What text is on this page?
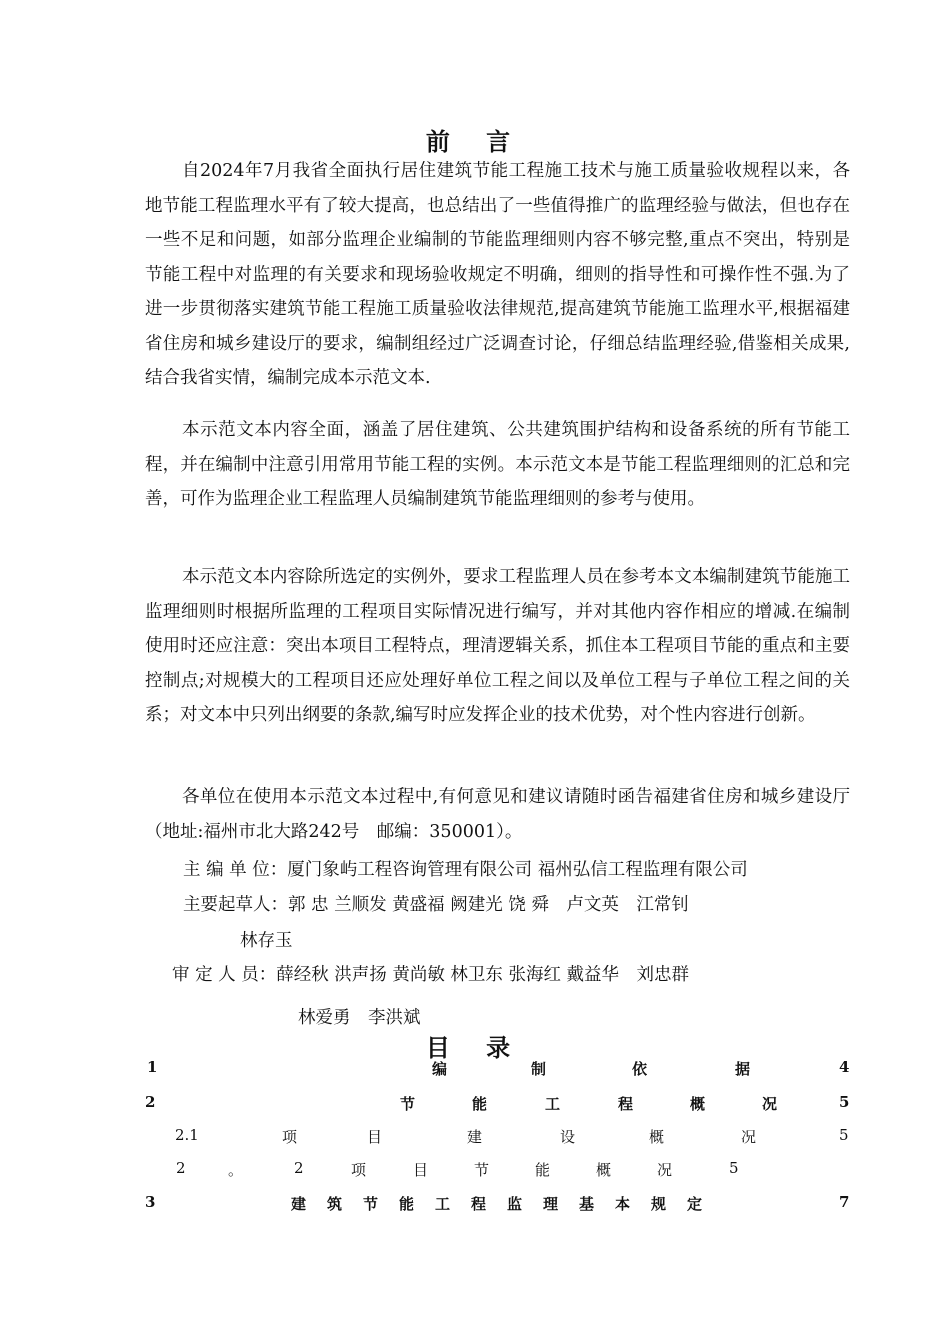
前 言

自2024年7月我省全面执行居住建筑节能工程施工技术与施工质量验收规程以来，各地节能工程监理水平有了较大提高，也总结出了一些值得推广的监理经验与做法，但也存在一些不足和问题，如部分监理企业编制的节能监理细则内容不够完整,重点不突出，特别是节能工程中对监理的有关要求和现场验收规定不明确，细则的指导性和可操作性不强.为了进一步贯彻落实建筑节能工程施工质量验收法律规范,提高建筑节能施工监理水平,根据福建省住房和城乡建设厅的要求，编制组经过广泛调查讨论，仔细总结监理经验,借鉴相关成果,结合我省实情，编制完成本示范文本.

本示范文本内容全面，涵盖了居住建筑、公共建筑围护结构和设备系统的所有节能工程，并在编制中注意引用常用节能工程的实例。本示范文本是节能工程监理细则的汇总和完善，可作为监理企业工程监理人员编制建筑节能监理细则的参考与使用。

本示范文本内容除所选定的实例外，要求工程监理人员在参考本文本编制建筑节能施工监理细则时根据所监理的工程项目实际情况进行编写，并对其他内容作相应的增减.在编制使用时还应注意：突出本项目工程特点，理清逻辑关系，抓住本工程项目节能的重点和主要控制点;对规模大的工程项目还应处理好单位工程之间以及单位工程与子单位工程之间的关系；对文本中只列出纲要的条款,编写时应发挥企业的技术优势，对个性内容进行创新。

各单位在使用本示范文本过程中,有何意见和建议请随时函告福建省住房和城乡建设厅（地址:福州市北大路242号　邮编：350001）。

主 编 单 位：厦门象屿工程咨询管理有限公司 福州弘信工程监理有限公司
主要起草人：郭 忠 兰顺发 黄盛福 阙建光 饶 舜　卢文英　江常钊
林存玉
审 定 人 员：薛经秋 洪声扬 黄尚敏 林卫东 张海红 戴益华　刘忠群
林爱勇　李洪斌
目 录
1	编	制	依	据	4
2	节	能	工	程	概	况	5
2.1	项	目	建	设	概	况	5
2	。	2	项	目	节	能	概	况	5
3	建 筑 节 能 工 程 监 理 基 本 规 定	7
